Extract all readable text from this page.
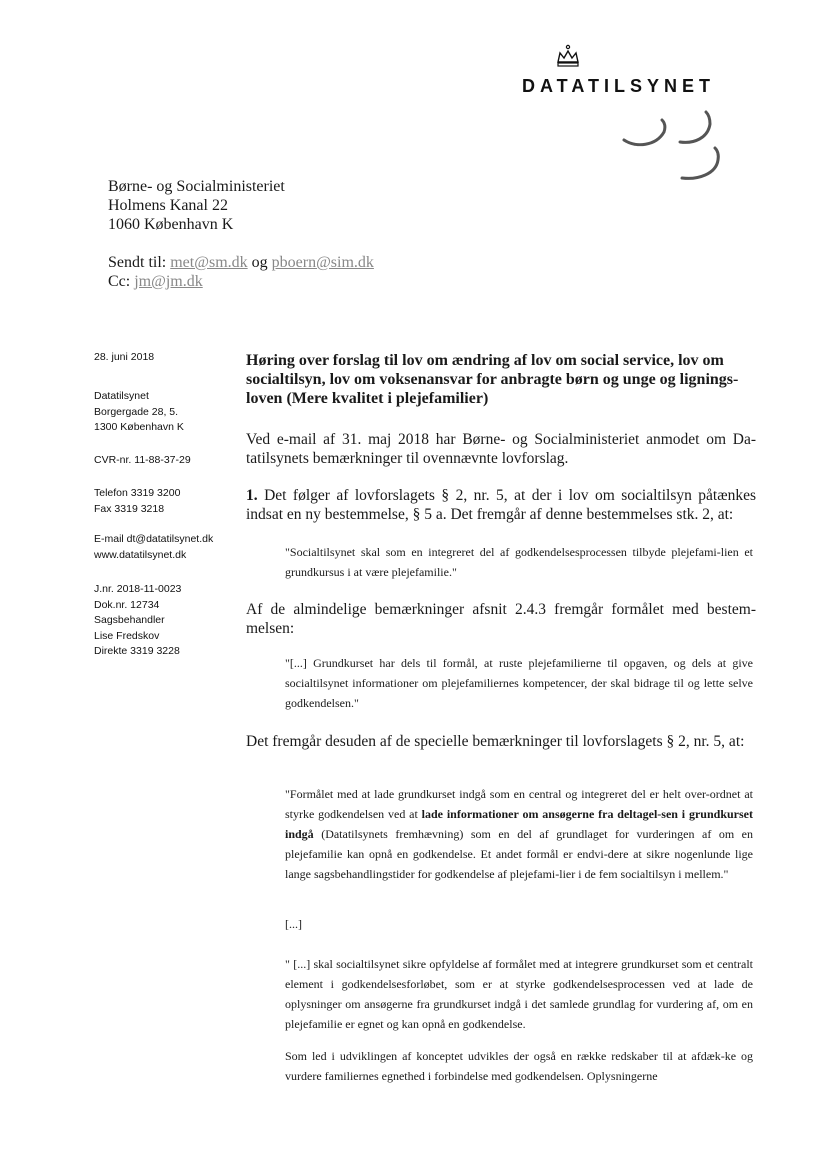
DATATILSYNET
Børne- og Socialministeriet
Holmens Kanal 22
1060 København K
Sendt til: met@sm.dk og pboern@sim.dk
Cc: jm@jm.dk
28. juni 2018
Datatilsynet
Borgergade 28, 5.
1300 København K
CVR-nr. 11-88-37-29
Telefon 3319 3200
Fax 3319 3218
E-mail dt@datatilsynet.dk
www.datatilsynet.dk
J.nr. 2018-11-0023
Dok.nr. 12734
Sagsbehandler
Lise Fredskov
Direkte 3319 3228
Høring over forslag til lov om ændring af lov om social service, lov om socialtilsyn, lov om voksenansvar for anbragte børn og unge og lignings-loven (Mere kvalitet i plejefamilier)
Ved e-mail af 31. maj 2018 har Børne- og Socialministeriet anmodet om Da-tatilsynets bemærkninger til ovennævnte lovforslag.
1. Det følger af lovforslagets § 2, nr. 5, at der i lov om socialtilsyn påtænkes indsat en ny bestemmelse, § 5 a. Det fremgår af denne bestemmelses stk. 2, at:
"Socialtilsynet skal som en integreret del af godkendelsesprocessen tilbyde plejefami-lien et grundkursus i at være plejefamilie."
Af de almindelige bemærkninger afsnit 2.4.3 fremgår formålet med bestem-melsen:
"[...] Grundkurset har dels til formål, at ruste plejefamilierne til opgaven, og dels at give socialtilsynet informationer om plejefamiliernes kompetencer, der skal bidrage til og lette selve godkendelsen."
Det fremgår desuden af de specielle bemærkninger til lovforslagets § 2, nr. 5, at:
"Formålet med at lade grundkurset indgå som en central og integreret del er helt over-ordnet at styrke godkendelsen ved at lade informationer om ansøgerne fra deltagel-sen i grundkurset indgå (Datatilsynets fremhævning) som en del af grundlaget for vurderingen af om en plejefamilie kan opnå en godkendelse. Et andet formål er endvi-dere at sikre nogenlunde lige lange sagsbehandlingstider for godkendelse af plejefami-lier i de fem socialtilsyn i mellem."
[...]
" [...] skal socialtilsynet sikre opfyldelse af formålet med at integrere grundkurset som et centralt element i godkendelsesforløbet, som er at styrke godkendelsesprocessen ved at lade de oplysninger om ansøgerne fra grundkurset indgå i det samlede grundlag for vurdering af, om en plejefamilie er egnet og kan opnå en godkendelse.
Som led i udviklingen af konceptet udvikles der også en række redskaber til at afdæk-ke og vurdere familiernes egnethed i forbindelse med godkendelsen. Oplysningerne
